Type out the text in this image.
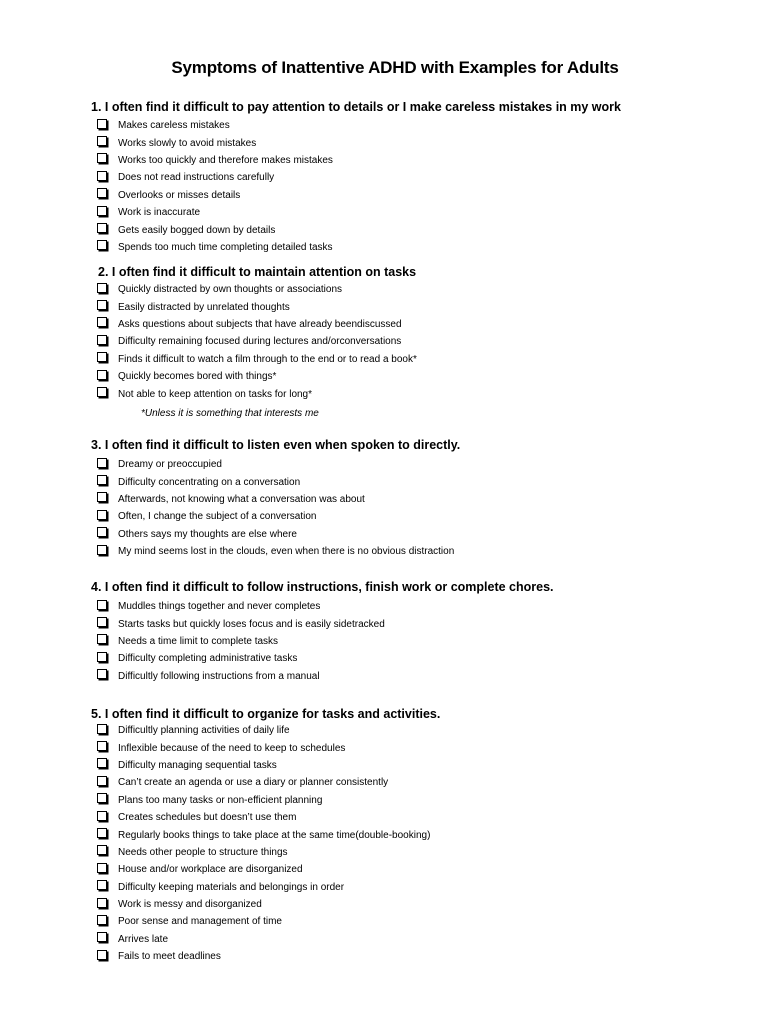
Symptoms of Inattentive ADHD with Examples for Adults
1. I often find it difficult to pay attention to details or I make careless mistakes in my work
Makes careless mistakes
Works slowly to avoid mistakes
Works too quickly and therefore makes mistakes
Does not read instructions carefully
Overlooks or misses details
Work is inaccurate
Gets easily bogged down by details
Spends too much time completing detailed tasks
2. I often find it difficult to maintain attention on tasks
Quickly distracted by own thoughts or associations
Easily distracted by unrelated thoughts
Asks questions about subjects that have already beendiscussed
Difficulty remaining focused during lectures and/orconversations
Finds it difficult to watch a film through to the end or to read a book*
Quickly becomes bored with things*
Not able to keep attention on tasks for long*
*Unless it is something that interests me
3. I often find it difficult to listen even when spoken to directly.
Dreamy or preoccupied
Difficulty concentrating on a conversation
Afterwards, not knowing what a conversation was about
Often, I change the subject of a conversation
Others says my thoughts are else where
My mind seems lost in the clouds, even when there is no obvious distraction
4. I often find it difficult to follow instructions, finish work or complete chores.
Muddles things together and never completes
Starts tasks but quickly loses focus and is easily sidetracked
Needs a time limit to complete tasks
Difficulty completing administrative tasks
Difficultly following instructions from a manual
5. I often find it difficult to organize for tasks and activities.
Difficultly planning activities of daily life
Inflexible because of the need to keep to schedules
Difficulty managing sequential tasks
Can’t create an agenda or use a diary or planner consistently
Plans too many tasks or non-efficient planning
Creates schedules but doesn’t use them
Regularly books things to take place at the same time(double-booking)
Needs other people to structure things
House and/or workplace are disorganized
Difficulty keeping materials and belongings in order
Work is messy and disorganized
Poor sense and management of time
Arrives late
Fails to meet deadlines
